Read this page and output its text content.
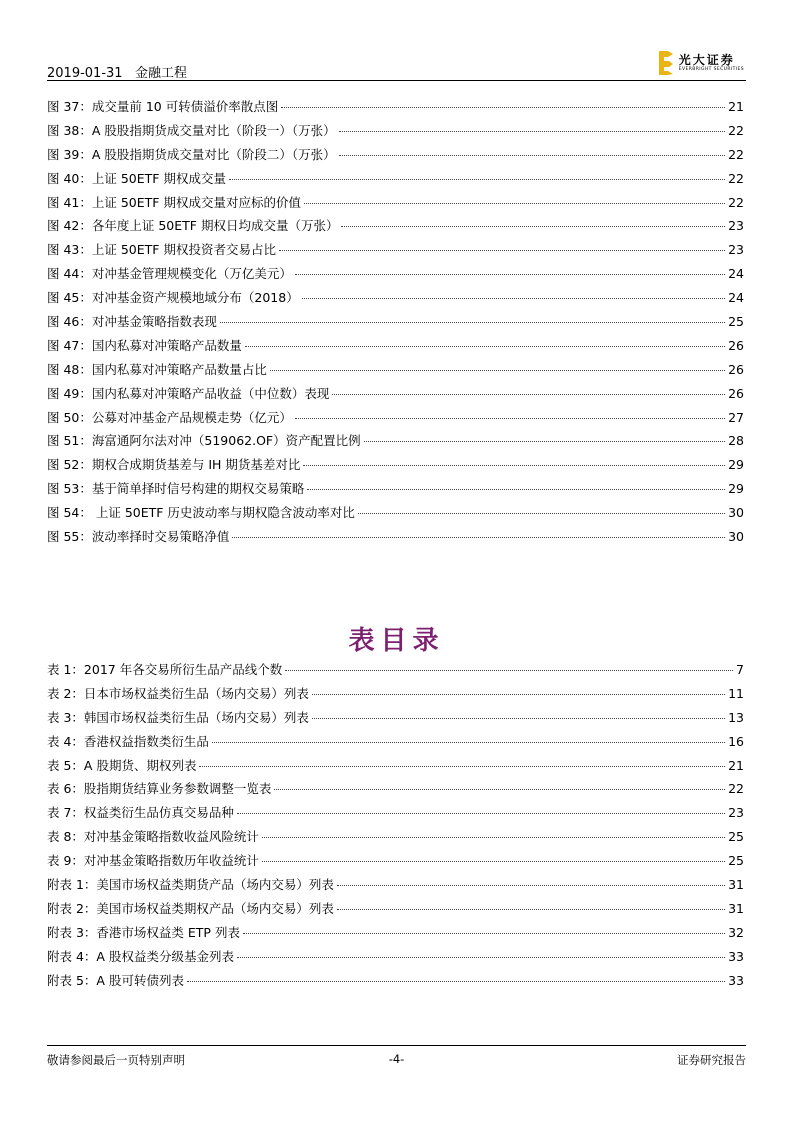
2019-01-31 金融工程
光大证券
EVERBRIGHT SECURITIES
图 37：成交量前 10 可转债溢价率散点图	21
图 38：A 股股指期货成交量对比（阶段一）（万张）	22
图 39：A 股股指期货成交量对比（阶段二）（万张）	22
图 40：上证 50ETF 期权成交量	22
图 41：上证 50ETF 期权成交量对应标的价值	22
图 42：各年度上证 50ETF 期权日均成交量（万张）	23
图 43：上证 50ETF 期权投资者交易占比	23
图 44：对冲基金管理规模变化（万亿美元）	24
图 45：对冲基金资产规模地域分布（2018）	24
图 46：对冲基金策略指数表现	25
图 47：国内私募对冲策略产品数量	26
图 48：国内私募对冲策略产品数量占比	26
图 49：国内私募对冲策略产品收益（中位数）表现	26
图 50：公募对冲基金产品规模走势（亿元）	27
图 51：海富通阿尔法对冲（519062.OF）资产配置比例	28
图 52：期权合成期货基差与 IH 期货基差对比	29
图 53：基于简单择时信号构建的期权交易策略	29
图 54： 上证 50ETF 历史波动率与期权隐含波动率对比	30
图 55：波动率择时交易策略净值	30
表目录
表 1：2017 年各交易所衍生品产品线个数	7
表 2：日本市场权益类衍生品（场内交易）列表	11
表 3：韩国市场权益类衍生品（场内交易）列表	13
表 4：香港权益指数类衍生品	16
表 5：A 股期货、期权列表	21
表 6：股指期货结算业务参数调整一览表	22
表 7：权益类衍生品仿真交易品种	23
表 8：对冲基金策略指数收益风险统计	25
表 9：对冲基金策略指数历年收益统计	25
附表 1：美国市场权益类期货产品（场内交易）列表	31
附表 2：美国市场权益类期权产品（场内交易）列表	31
附表 3：香港市场权益类 ETP 列表	32
附表 4：A 股权益类分级基金列表	33
附表 5：A 股可转债列表	33
敬请参阅最后一页特别声明	-4-	证券研究报告
